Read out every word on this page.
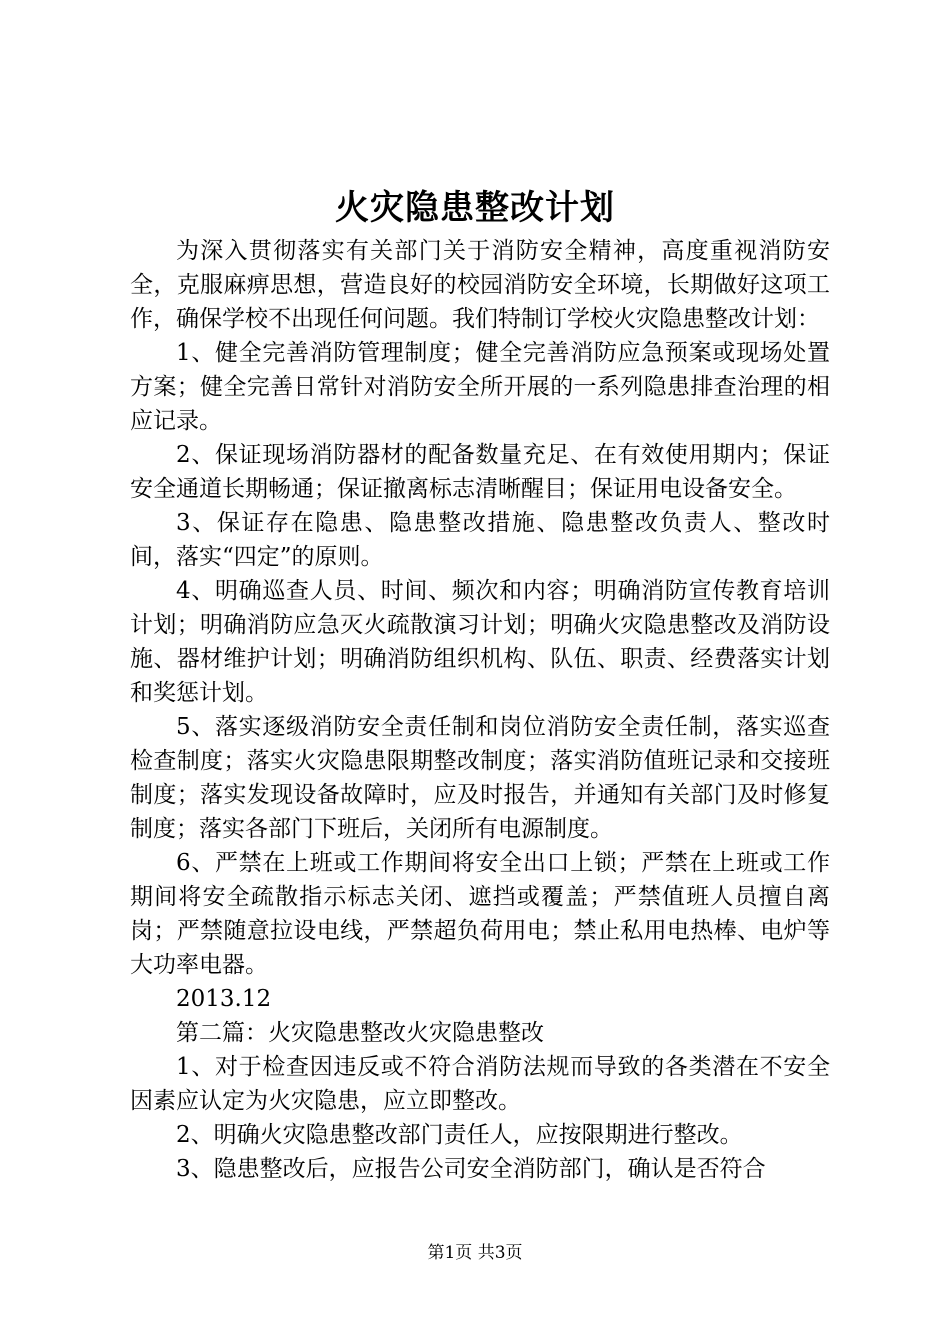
火灾隐患整改计划

为深入贯彻落实有关部门关于消防安全精神，高度重视消防安全，克服麻痹思想，营造良好的校园消防安全环境，长期做好这项工作，确保学校不出现任何问题。我们特制订学校火灾隐患整改计划：

1、健全完善消防管理制度；健全完善消防应急预案或现场处置方案；健全完善日常针对消防安全所开展的一系列隐患排查治理的相应记录。

2、保证现场消防器材的配备数量充足、在有效使用期内；保证安全通道长期畅通；保证撤离标志清晰醒目；保证用电设备安全。

3、保证存在隐患、隐患整改措施、隐患整改负责人、整改时间，落实“四定”的原则。

4、明确巡查人员、时间、频次和内容；明确消防宣传教育培训计划；明确消防应急灭火疏散演习计划；明确火灾隐患整改及消防设施、器材维护计划；明确消防组织机构、队伍、职责、经费落实计划和奖惩计划。

5、落实逐级消防安全责任制和岗位消防安全责任制，落实巡查检查制度；落实火灾隐患限期整改制度；落实消防值班记录和交接班制度；落实发现设备故障时，应及时报告，并通知有关部门及时修复制度；落实各部门下班后，关闭所有电源制度。

6、严禁在上班或工作期间将安全出口上锁；严禁在上班或工作期间将安全疏散指示标志关闭、遮挡或覆盖；严禁值班人员擅自离岗；严禁随意拉设电线，严禁超负荷用电；禁止私用电热棒、电炉等大功率电器。

2013.12

第二篇：火灾隐患整改火灾隐患整改

1、对于检查因违反或不符合消防法规而导致的各类潜在不安全因素应认定为火灾隐患，应立即整改。

2、明确火灾隐患整改部门责任人，应按限期进行整改。

3、隐患整改后，应报告公司安全消防部门，确认是否符合

第1页 共3页
